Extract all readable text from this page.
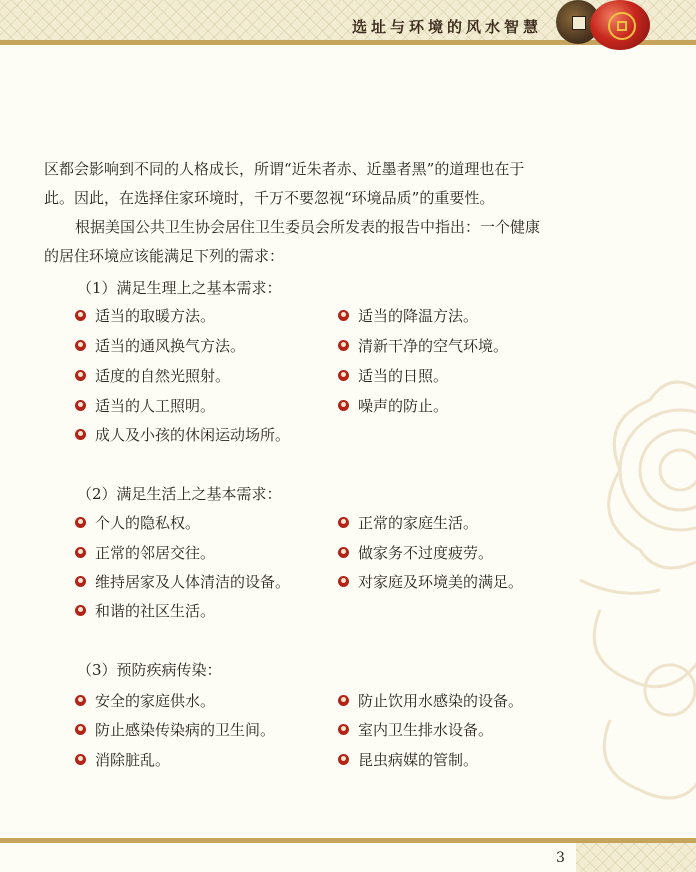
选址与环境的风水智慧
区都会影响到不同的人格成长，所谓“近朱者赤、近墨者黑”的道理也在于
此。因此，在选择住家环境时，千万不要忽视“环境品质”的重要性。
根据美国公共卫生协会居住卫生委员会所发表的报告中指出：一个健康
的居住环境应该能满足下列的需求：
（1）满足生理上之基本需求：
适当的取暖方法。	适当的降温方法。
适当的通风换气方法。	清新干净的空气环境。
适度的自然光照射。	适当的日照。
适当的人工照明。	噪声的防止。
成人及小孩的休闲运动场所。
（2）满足生活上之基本需求：
个人的隐私权。	正常的家庭生活。
正常的邻居交往。	做家务不过度疲劳。
维持居家及人体清洁的设备。	对家庭及环境美的满足。
和谐的社区生活。
（3）预防疾病传染：
安全的家庭供水。	防止饮用水感染的设备。
防止感染传染病的卫生间。	室内卫生排水设备。
消除脏乱。	昆虫病媒的管制。
3
